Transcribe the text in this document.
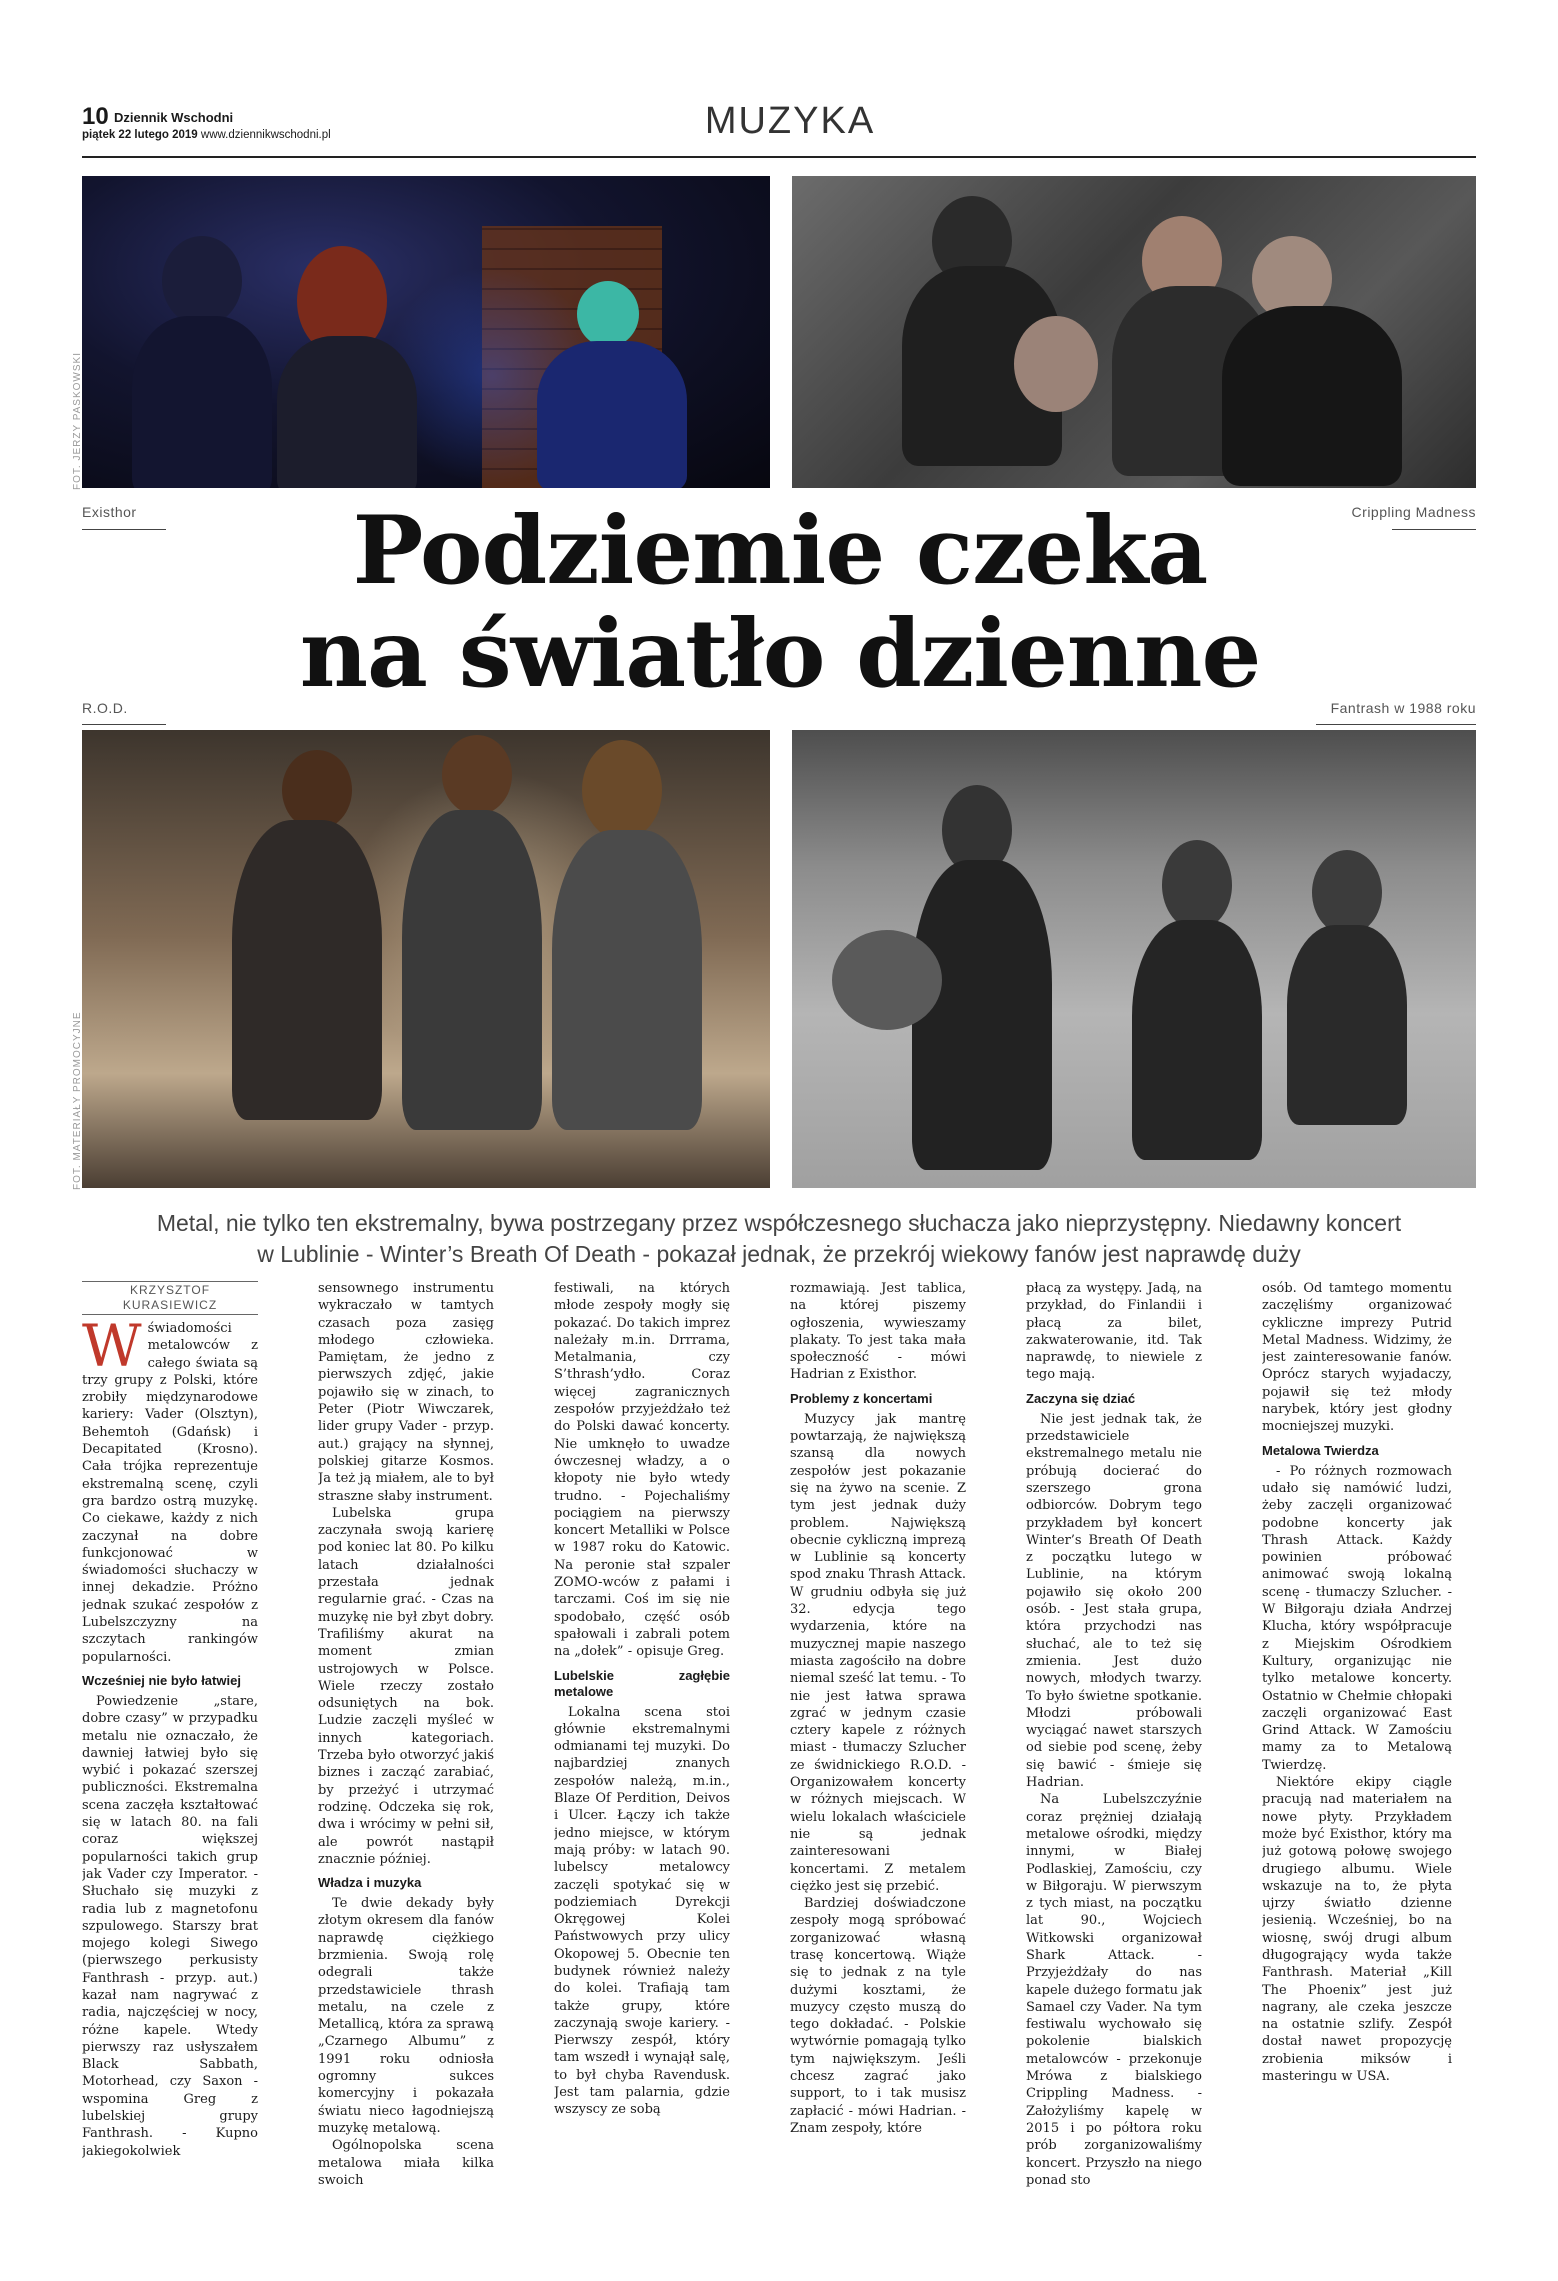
10 Dziennik Wschodni
piątek 22 lutego 2019 www.dziennikwschodni.pl	MUZYKA
FOT. JERZY PASKOWSKI
Existhor	Crippling Madness
Podziemie czeka
na światło dzienne
R.O.D.	Fantrash w 1988 roku
FOT. MATERIAŁY PROMOCYJNE
Metal, nie tylko ten ekstremalny, bywa postrzegany przez współczesnego słuchacza jako nieprzystępny. Niedawny koncert
w Lublinie - Winter’s Breath Of Death - pokazał jednak, że przekrój wiekowy fanów jest naprawdę duży
KRZYSZTOF
KURASIEWICZ
W świadomości metalowców z całego świata są trzy grupy z Polski, które zrobiły międzynarodowe kariery: Vader (Olsztyn), Behemtoh (Gdańsk) i Decapitated (Krosno). Cała trójka reprezentuje ekstremalną scenę, czyli gra bardzo ostrą muzykę. Co ciekawe, każdy z nich zaczynał na dobre funkcjonować w świadomości słuchaczy w innej dekadzie. Próżno jednak szukać zespołów z Lubelszczyzny na szczytach rankingów popularności.

Wcześniej nie było łatwiej

Powiedzenie „stare, dobre czasy” w przypadku metalu nie oznaczało, że dawniej łatwiej było się wybić i pokazać szerszej publiczności. Ekstremalna scena zaczęła kształtować się w latach 80. na fali coraz większej popularności takich grup jak Vader czy Imperator. - Słuchało się muzyki z radia lub z magnetofonu szpulowego. Starszy brat mojego kolegi Siwego (pierwszego perkusisty Fanthrash - przyp. aut.) kazał nam nagrywać z radia, najczęściej w nocy, różne kapele. Wtedy pierwszy raz usłyszałem Black Sabbath, Motorhead, czy Saxon - wspomina Greg z lubelskiej grupy Fanthrash. - Kupno jakiegokolwiek

sensownego instrumentu wykraczało w tamtych czasach poza zasięg młodego człowieka. Pamiętam, że jedno z pierwszych zdjęć, jakie pojawiło się w zinach, to Peter (Piotr Wiwczarek, lider grupy Vader - przyp. aut.) grający na słynnej, polskiej gitarze Kosmos. Ja też ją miałem, ale to był straszne słaby instrument.

Lubelska grupa zaczynała swoją karierę pod koniec lat 80. Po kilku latach działalności przestała jednak regularnie grać. - Czas na muzykę nie był zbyt dobry. Trafiliśmy akurat na moment zmian ustrojowych w Polsce. Wiele rzeczy zostało odsuniętych na bok. Ludzie zaczęli myśleć w innych kategoriach. Trzeba było otworzyć jakiś biznes i zacząć zarabiać, by przeżyć i utrzymać rodzinę. Odczeka się rok, dwa i wrócimy w pełni sił, ale powrót nastąpił znacznie później.

Władza i muzyka

Te dwie dekady były złotym okresem dla fanów naprawdę ciężkiego brzmienia. Swoją rolę odegrali także przedstawiciele thrash metalu, na czele z Metallicą, która za sprawą „Czarnego Albumu” z 1991 roku odniosła ogromny sukces komercyjny i pokazała światu nieco łagodniejszą muzykę metalową.

Ogólnopolska scena metalowa miała kilka swoich

festiwali, na których młode zespoły mogły się pokazać. Do takich imprez należały m.in. Drrrama, Metalmania, czy S’thrash’ydło. Coraz więcej zagranicznych zespołów przyjeżdżało też do Polski dawać koncerty. Nie umknęło to uwadze ówczesnej władzy, a o kłopoty nie było wtedy trudno. - Pojechaliśmy pociągiem na pierwszy koncert Metalliki w Polsce w 1987 roku do Katowic. Na peronie stał szpaler ZOMO-wców z pałami i tarczami. Coś im się nie spodobało, część osób spałowali i zabrali potem na „dołek” - opisuje Greg.

Lubelskie zagłębie metalowe

Lokalna scena stoi głównie ekstremalnymi odmianami tej muzyki. Do najbardziej znanych zespołów należą, m.in., Blaze Of Perdition, Deivos i Ulcer. Łączy ich także jedno miejsce, w którym mają próby: w latach 90. lubelscy metalowcy zaczęli spotykać się w podziemiach Dyrekcji Okręgowej Kolei Państwowych przy ulicy Okopowej 5. Obecnie ten budynek również należy do kolei. Trafiają tam także grupy, które zaczynają swoje kariery. - Pierwszy zespół, który tam wszedł i wynajął salę, to był chyba Ravendusk. Jest tam palarnia, gdzie wszyscy ze sobą

rozmawiają. Jest tablica, na której piszemy ogłoszenia, wywieszamy plakaty. To jest taka mała społeczność - mówi Hadrian z Existhor.

Problemy z koncertami

Muzycy jak mantrę powtarzają, że największą szansą dla nowych zespołów jest pokazanie się na żywo na scenie. Z tym jest jednak duży problem. Największą obecnie cykliczną imprezą w Lublinie są koncerty spod znaku Thrash Attack. W grudniu odbyła się już 32. edycja tego wydarzenia, które na muzycznej mapie naszego miasta zagościło na dobre niemal sześć lat temu. - To nie jest łatwa sprawa zgrać w jednym czasie cztery kapele z różnych miast - tłumaczy Szlucher ze świdnickiego R.O.D. - Organizowałem koncerty w różnych miejscach. W wielu lokalach właściciele nie są jednak zainteresowani koncertami. Z metalem ciężko jest się przebić.

Bardziej doświadczone zespoły mogą spróbować zorganizować własną trasę koncertową. Wiąże się to jednak z na tyle dużymi kosztami, że muzycy często muszą do tego dokładać. - Polskie wytwórnie pomagają tylko tym największym. Jeśli chcesz zagrać jako support, to i tak musisz zapłacić - mówi Hadrian. - Znam zespoły, które

płacą za występy. Jadą, na przykład, do Finlandii i płacą za bilet, zakwaterowanie, itd. Tak naprawdę, to niewiele z tego mają.

Zaczyna się dziać

Nie jest jednak tak, że przedstawiciele ekstremalnego metalu nie próbują docierać do szerszego grona odbiorców. Dobrym tego przykładem był koncert Winter’s Breath Of Death z początku lutego w Lublinie, na którym pojawiło się około 200 osób. - Jest stała grupa, która przychodzi nas słuchać, ale to też się zmienia. Jest dużo nowych, młodych twarzy. To było świetne spotkanie. Młodzi próbowali wyciągać nawet starszych od siebie pod scenę, żeby się bawić - śmieje się Hadrian.

Na Lubelszczyźnie coraz prężniej działają metalowe ośrodki, między innymi, w Białej Podlaskiej, Zamościu, czy w Biłgoraju. W pierwszym z tych miast, na początku lat 90., Wojciech Witkowski organizował Shark Attack. - Przyjeżdżały do nas kapele dużego formatu jak Samael czy Vader. Na tym festiwalu wychowało się pokolenie bialskich metalowców - przekonuje Mrówa z bialskiego Crippling Madness. - Założyliśmy kapelę w 2015 i po półtora roku prób zorganizowaliśmy koncert. Przyszło na niego ponad sto

osób. Od tamtego momentu zaczęliśmy organizować cykliczne imprezy Putrid Metal Madness. Widzimy, że jest zainteresowanie fanów. Oprócz starych wyjadaczy, pojawił się też młody narybek, który jest głodny mocniejszej muzyki.

Metalowa Twierdza

- Po różnych rozmowach udało się namówić ludzi, żeby zaczęli organizować podobne koncerty jak Thrash Attack. Każdy powinien próbować animować swoją lokalną scenę - tłumaczy Szlucher. - W Biłgoraju działa Andrzej Klucha, który współpracuje z Miejskim Ośrodkiem Kultury, organizując nie tylko metalowe koncerty. Ostatnio w Chełmie chłopaki zaczęli organizować East Grind Attack. W Zamościu mamy za to Metalową Twierdzę.

Niektóre ekipy ciągle pracują nad materiałem na nowe płyty. Przykładem może być Existhor, który ma już gotową połowę swojego drugiego albumu. Wiele wskazuje na to, że płyta ujrzy światło dzienne jesienią. Wcześniej, bo na wiosnę, swój drugi album długogrający wyda także Fanthrash. Materiał „Kill The Phoenix” jest już nagrany, ale czeka jeszcze na ostatnie szlify. Zespół dostał nawet propozycję zrobienia miksów i masteringu w USA.
